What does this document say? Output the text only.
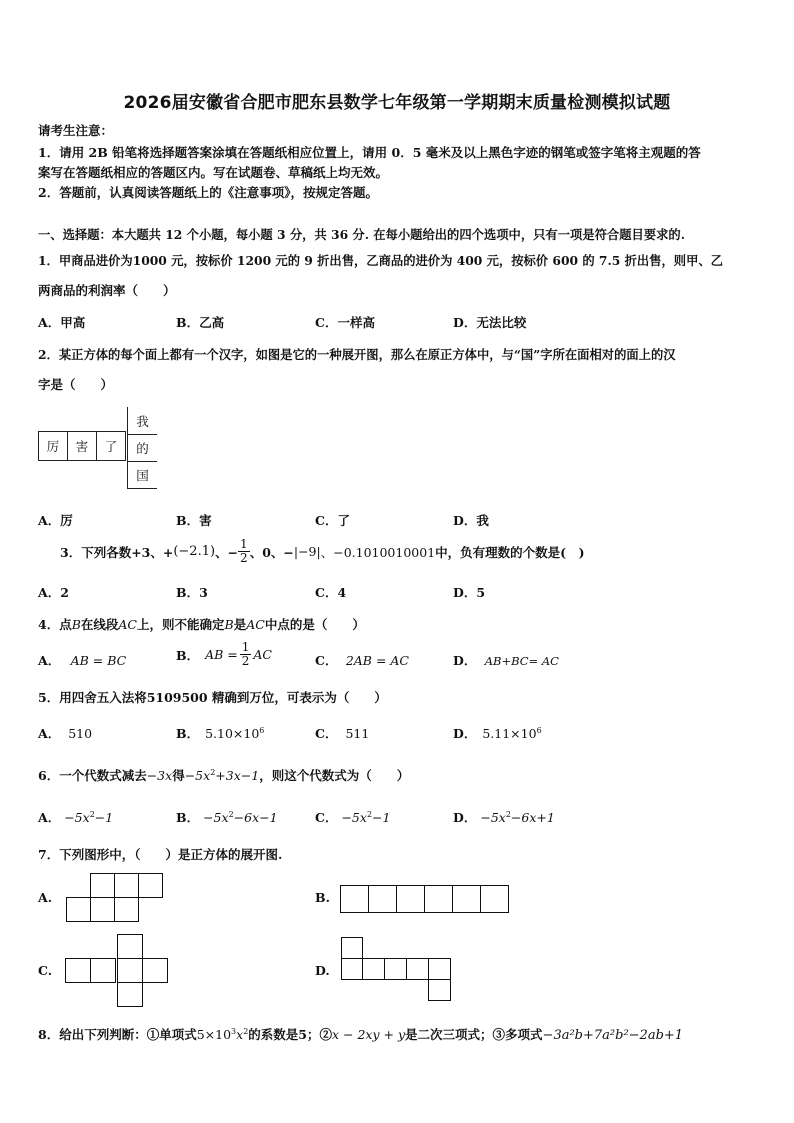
2026届安徽省合肥市肥东县数学七年级第一学期期末质量检测模拟试题
请考生注意：
1．请用 2B 铅笔将选择题答案涂填在答题纸相应位置上，请用 0．5 毫米及以上黑色字迹的钢笔或签字笔将主观题的答
案写在答题纸相应的答题区内。写在试题卷、草稿纸上均无效。
2．答题前，认真阅读答题纸上的《注意事项》，按规定答题。
一、选择题：本大题共 12 个小题，每小题 3 分，共 36 分. 在每小题给出的四个选项中，只有一项是符合题目要求的.
1．甲商品进价为1000 元，按标价 1200 元的 9 折出售，乙商品的进价为 400 元，按标价 600 的 7.5 折出售，则甲、乙
两商品的利润率（　　）
A．甲高	B．乙高	C．一样高	D．无法比较
2．某正方体的每个面上都有一个汉字，如图是它的一种展开图，那么在原正方体中，与“国”字所在面相对的面上的汉
字是（　　）
厉	害	了
我
的
国
A．厉	B．害	C．了	D．我
3．下列各数+3、+ (−2.1) 、− $\frac{1}{2}$ 、0、− |−9| 、−0.1010010001 中，负有理数的个数是(　)
A．2	B．3	C．4	D．5
4．点B在线段AC上，则不能确定B是AC中点的是（　　）
A． AB = BC	B． AB = $\frac{1}{2}$ AC	C． 2AB = AC	D． AB+BC= AC
5．用四舍五入法将5109500 精确到万位，可表示为（　　）
A． 510	B． $5.10\times 10^6$	C． 511	D． $5.11\times 10^6$
6．一个代数式减去−3x得$-5x^2+3x-1$，则这个代数式为（　　）
A． $-5x^2-1$	B． $-5x^2-6x-1$	C． $-5x^2-1$	D． $-5x^2-6x+1$
7．下列图形中，（　　）是正方体的展开图.
A.	B.
C.	D.
8．给出下列判断：①单项式$5\times 10^3x^2$的系数是5；②x − 2xy + y是二次三项式；③多项式−3a²b+7a²b²−2ab+1
